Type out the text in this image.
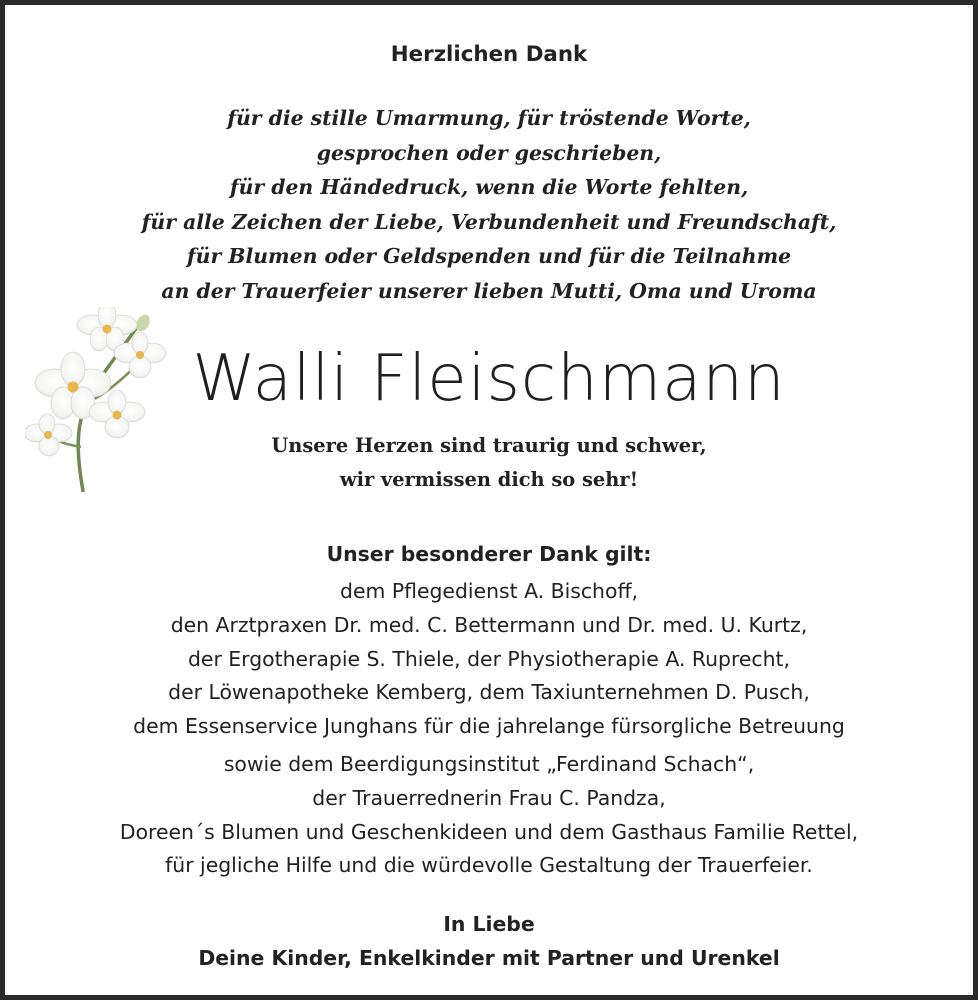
Herzlichen Dank
für die stille Umarmung, für tröstende Worte,
gesprochen oder geschrieben,
für den Händedruck, wenn die Worte fehlten,
für alle Zeichen der Liebe, Verbundenheit und Freundschaft,
für Blumen oder Geldspenden und für die Teilnahme
an der Trauerfeier unserer lieben Mutti, Oma und Uroma
Walli Fleischmann
Unsere Herzen sind traurig und schwer,
wir vermissen dich so sehr!
Unser besonderer Dank gilt:
dem Pflegedienst A. Bischoff,
den Arztpraxen Dr. med. C. Bettermann und Dr. med. U. Kurtz,
der Ergotherapie S. Thiele, der Physiotherapie A. Ruprecht,
der Löwenapotheke Kemberg, dem Taxiunternehmen D. Pusch,
dem Essenservice Junghans für die jahrelange fürsorgliche Betreuung
sowie dem Beerdigungsinstitut „Ferdinand Schach“,
der Trauerrednerin Frau C. Pandza,
Doreen´s Blumen und Geschenkideen und dem Gasthaus Familie Rettel,
für jegliche Hilfe und die würdevolle Gestaltung der Trauerfeier.
In Liebe
Deine Kinder, Enkelkinder mit Partner und Urenkel
